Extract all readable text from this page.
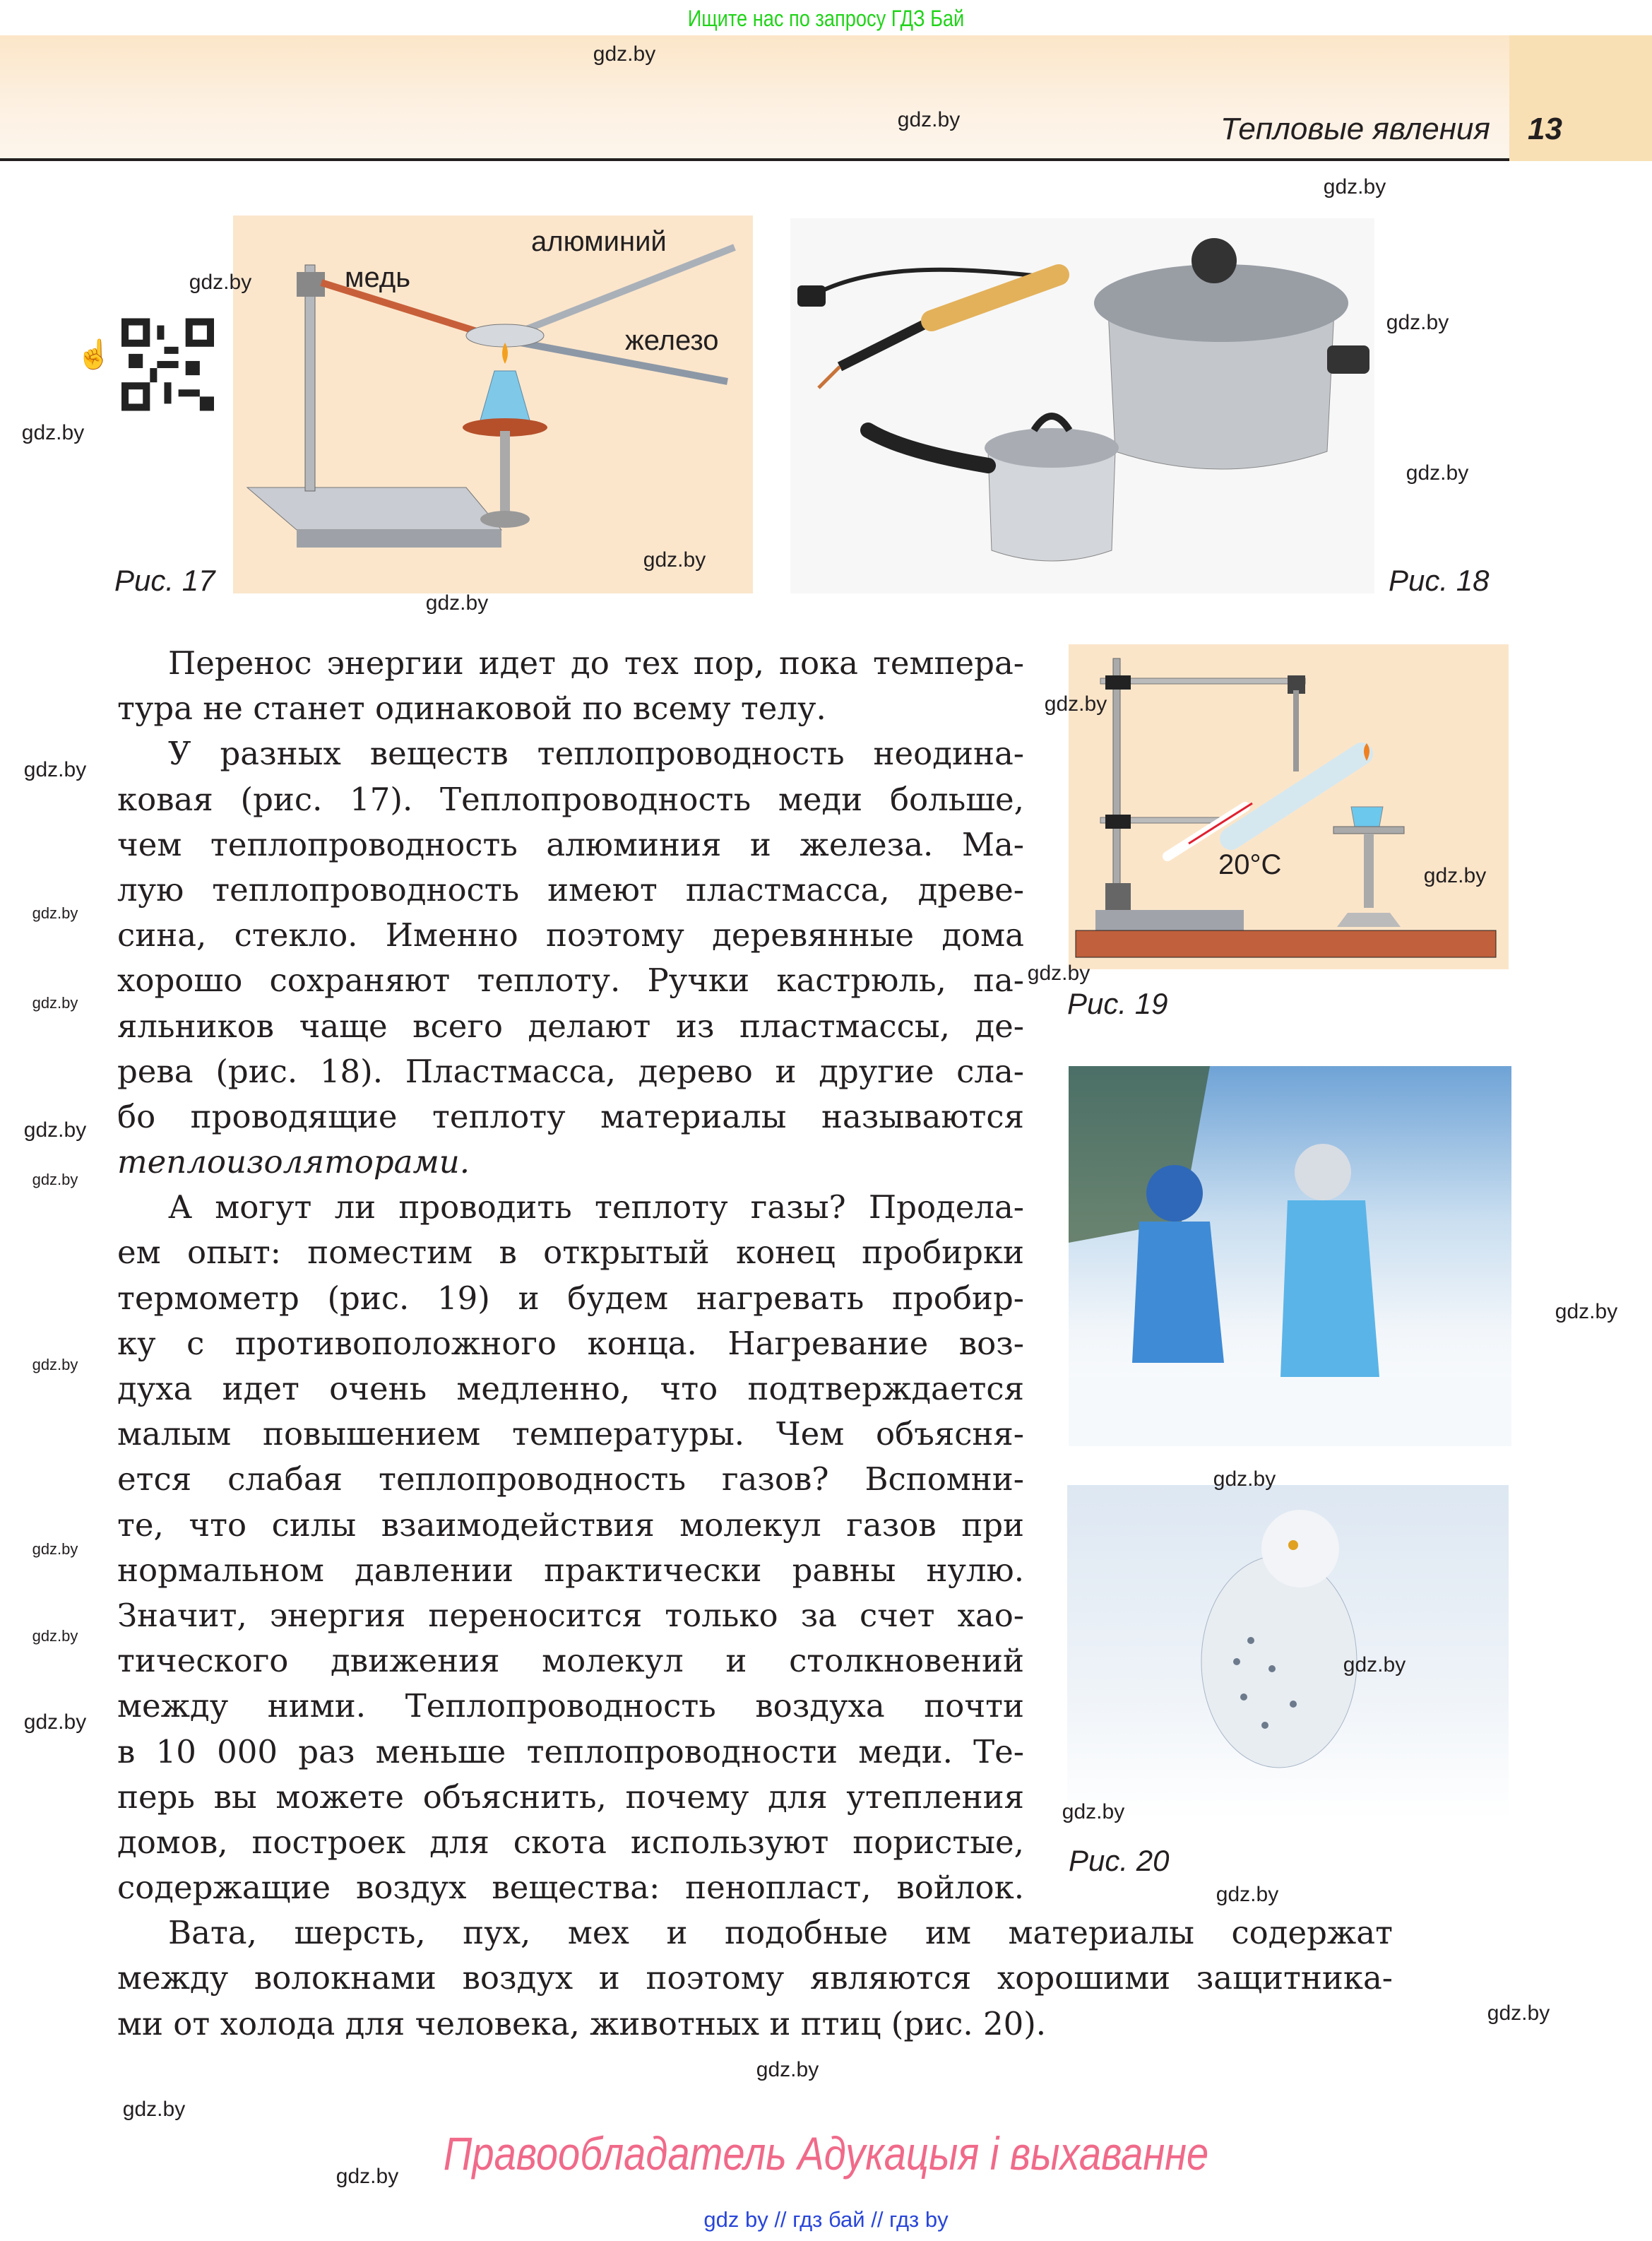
Ищите нас по запросу ГДЗ Бай
Тепловые явления 13
☝
медь
алюминий
железо
Рис. 17	Рис. 18
20°C
Рис. 19
Рис. 20
Перенос энергии идет до тех пор, пока темпера-
тура не станет одинаковой по всему телу.
У разных веществ теплопроводность неодина-
ковая (рис. 17). Теплопроводность меди больше,
чем теплопроводность алюминия и железа. Ма-
лую теплопроводность имеют пластмасса, древе-
сина, стекло. Именно поэтому деревянные дома
хорошо сохраняют теплоту. Ручки кастрюль, па-
яльников чаще всего делают из пластмассы, де-
рева (рис. 18). Пластмасса, дерево и другие сла-
бо проводящие теплоту материалы называются
теплоизоляторами.
А могут ли проводить теплоту газы? Продела-
ем опыт: поместим в открытый конец пробирки
термометр (рис. 19) и будем нагревать пробир-
ку с противоположного конца. Нагревание воз-
духа идет очень медленно, что подтверждается
малым повышением температуры. Чем объясня-
ется слабая теплопроводность газов? Вспомни-
те, что силы взаимодействия молекул газов при
нормальном давлении практически равны нулю.
Значит, энергия переносится только за счет хао-
тического движения молекул и столкновений
между ними. Теплопроводность воздуха почти
в 10 000 раз меньше теплопроводности меди. Те-
перь вы можете объяснить, почему для утепления
домов, построек для скота используют пористые,
содержащие воздух вещества: пенопласт, войлок.
Вата, шерсть, пух, мех и подобные им материалы содержат
между волокнами воздух и поэтому являются хорошими защитника-
ми от холода для человека, животных и птиц (рис. 20).
gdz.by
gdz.by
gdz.by
gdz.by
gdz.by
gdz.by
gdz.by
gdz.by
gdz.by
gdz.by
gdz.by
gdz.by
gdz.by
gdz.by
gdz.by
gdz.by
gdz.by
gdz.by
gdz.by
gdz.by
gdz.by
gdz.by
gdz.by
gdz.by
gdz.by
gdz.by
gdz.by
gdz.by
gdz.by
gdz.by
Правообладатель Адукацыя і выхаванне
gdz by // гдз бай // гдз by
